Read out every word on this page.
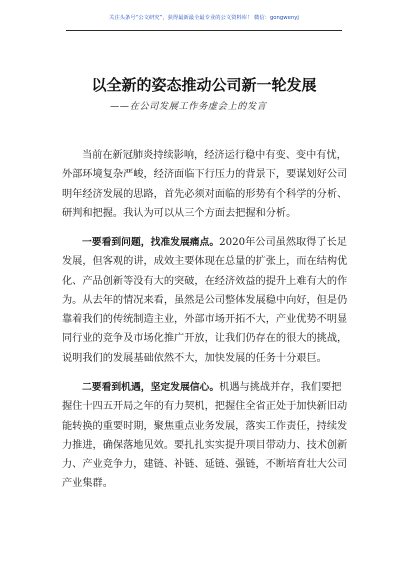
关注头条号“公文研究”，获得最新最全最专业的公文资料库！ 微信：gongwenyj
以全新的姿态推动公司新一轮发展
——在公司发展工作务虚会上的发言
当前在新冠肺炎持续影响，经济运行稳中有变、变中有忧，
外部环境复杂严峻，经济面临下行压力的背景下，要谋划好公司
明年经济发展的思路，首先必须对面临的形势有个科学的分析、
研判和把握。我认为可以从三个方面去把握和分析。
一要看到问题，找准发展痛点。2020年公司虽然取得了长足
发展，但客观的讲，成效主要体现在总量的扩张上，而在结构优
化、产品创新等没有大的突破，在经济效益的提升上难有大的作
为。从去年的情况来看，虽然是公司整体发展稳中向好，但是仍
靠着我们的传统制造主业，外部市场开拓不大，产业优势不明显
同行业的竞争及市场化推广开放，让我们仍存在的很大的挑战，
说明我们的发展基础依然不大，加快发展的任务十分艰巨。
二要看到机遇，坚定发展信心。机遇与挑战并存，我们要把
握住十四五开局之年的有力契机，把握住全省正处于加快新旧动
能转换的重要时期，聚焦重点业务发展，落实工作责任，持续发
力推进，确保落地见效。要扎扎实实提升项目带动力、技术创新
力、产业竞争力，建链、补链、延链、强链，不断培育壮大公司
产业集群。
